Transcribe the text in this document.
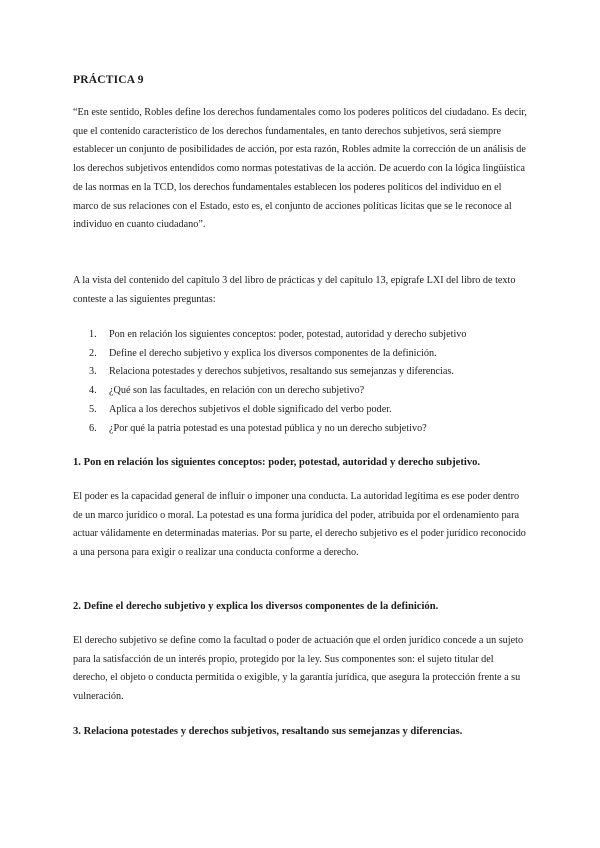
PRÁCTICA 9

“En este sentido, Robles define los derechos fundamentales como los poderes políticos del ciudadano. Es decir, que el contenido característico de los derechos fundamentales, en tanto derechos subjetivos, será siempre establecer un conjunto de posibilidades de acción, por esta razón, Robles admite la corrección de un análisis de los derechos subjetivos entendidos como normas potestativas de la acción. De acuerdo con la lógica lingüística de las normas en la TCD, los derechos fundamentales establecen los poderes políticos del individuo en el marco de sus relaciones con el Estado, esto es, el conjunto de acciones políticas lícitas que se le reconoce al individuo en cuanto ciudadano”.

A la vista del contenido del capítulo 3 del libro de prácticas y del capítulo 13, epígrafe LXI del libro de texto conteste a las siguientes preguntas:

1. Pon en relación los siguientes conceptos: poder, potestad, autoridad y derecho subjetivo
2. Define el derecho subjetivo y explica los diversos componentes de la definición.
3. Relaciona potestades y derechos subjetivos, resaltando sus semejanzas y diferencias.
4. ¿Qué son las facultades, en relación con un derecho subjetivo?
5. Aplica a los derechos subjetivos el doble significado del verbo poder.
6. ¿Por qué la patria potestad es una potestad pública y no un derecho subjetivo?
1. Pon en relación los siguientes conceptos: poder, potestad, autoridad y derecho subjetivo.

El poder es la capacidad general de influir o imponer una conducta. La autoridad legítima es ese poder dentro de un marco jurídico o moral. La potestad es una forma jurídica del poder, atribuida por el ordenamiento para actuar válidamente en determinadas materias. Por su parte, el derecho subjetivo es el poder jurídico reconocido a una persona para exigir o realizar una conducta conforme a derecho.

2. Define el derecho subjetivo y explica los diversos componentes de la definición.

El derecho subjetivo se define como la facultad o poder de actuación que el orden jurídico concede a un sujeto para la satisfacción de un interés propio, protegido por la ley. Sus componentes son: el sujeto titular del derecho, el objeto o conducta permitida o exigible, y la garantía jurídica, que asegura la protección frente a su vulneración.

3. Relaciona potestades y derechos subjetivos, resaltando sus semejanzas y diferencias.
